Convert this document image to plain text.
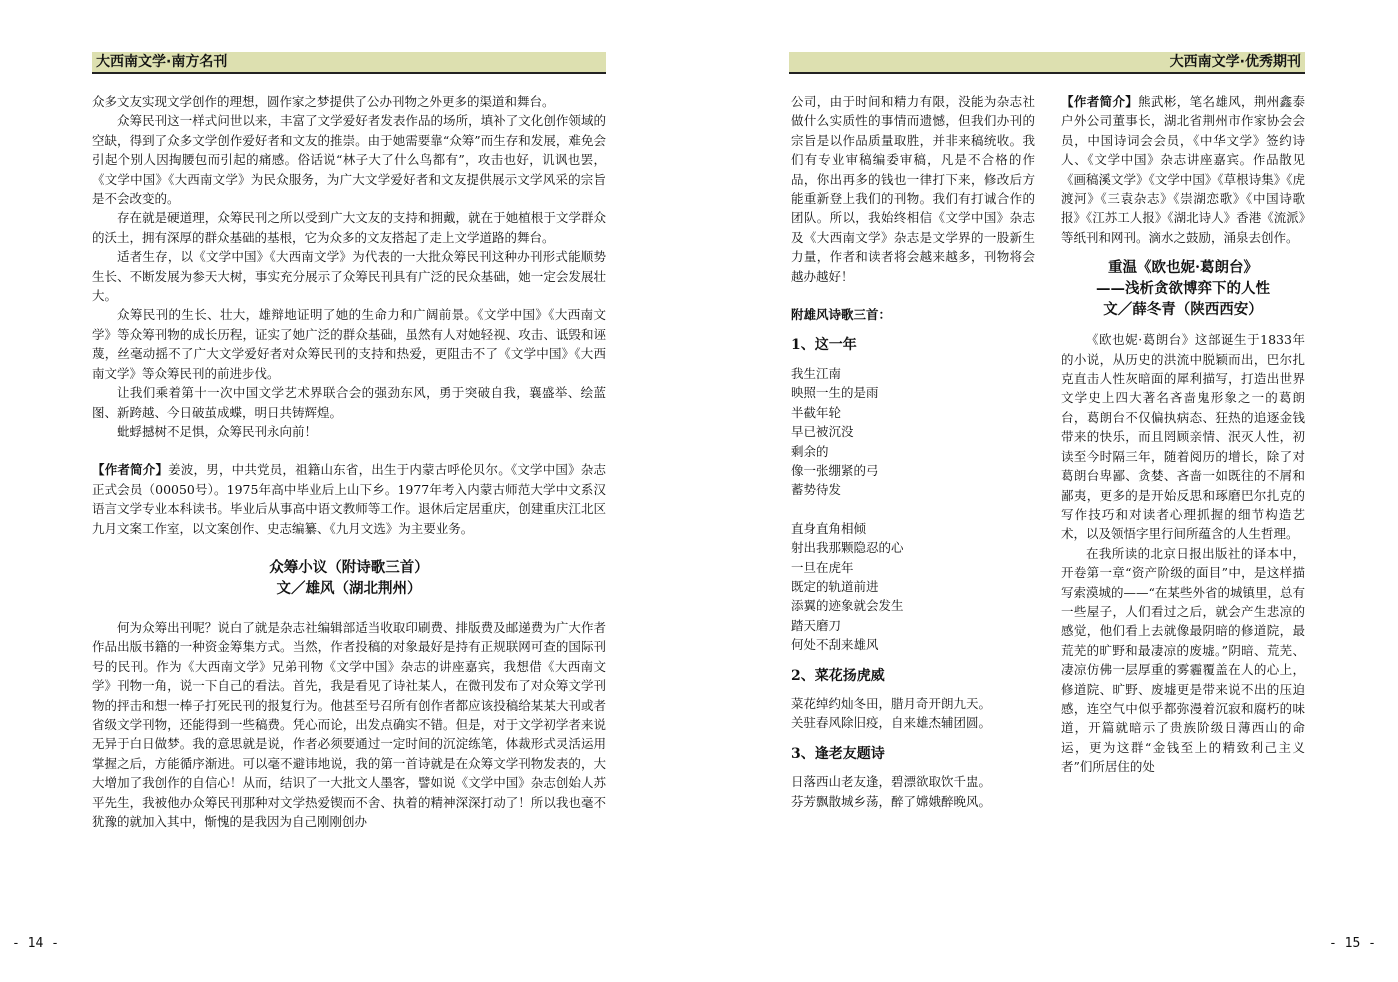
大西南文学·南方名刊

众多文友实现文学创作的理想，圆作家之梦提供了公办刊物之外更多的渠道和舞台。

众筹民刊这一样式问世以来，丰富了文学爱好者发表作品的场所，填补了文化创作领域的空缺，得到了众多文学创作爱好者和文友的推崇。由于她需要靠“众筹”而生存和发展，难免会引起个别人因掏腰包而引起的痛感。俗话说“林子大了什么鸟都有”，攻击也好，讥讽也罢，《文学中国》《大西南文学》为民众服务，为广大文学爱好者和文友提供展示文学风采的宗旨是不会改变的。

存在就是硬道理，众筹民刊之所以受到广大文友的支持和拥戴，就在于她植根于文学群众的沃土，拥有深厚的群众基础的基根，它为众多的文友搭起了走上文学道路的舞台。

适者生存，以《文学中国》《大西南文学》为代表的一大批众筹民刊这种办刊形式能顺势生长、不断发展为参天大树，事实充分展示了众筹民刊具有广泛的民众基础，她一定会发展壮大。

众筹民刊的生长、壮大，雄辩地证明了她的生命力和广阔前景。《文学中国》《大西南文学》等众筹刊物的成长历程，证实了她广泛的群众基础，虽然有人对她轻视、攻击、诋毁和诬蔑，丝毫动摇不了广大文学爱好者对众筹民刊的支持和热爱，更阻击不了《文学中国》《大西南文学》等众筹民刊的前进步伐。

让我们乘着第十一次中国文学艺术界联合会的强劲东风，勇于突破自我，襄盛举、绘蓝图、新跨越、今日破茧成蝶，明日共铸辉煌。

蚍蜉撼树不足惧，众筹民刊永向前！

【作者简介】姜波，男，中共党员，祖籍山东省，出生于内蒙古呼伦贝尔。《文学中国》杂志正式会员（00050号）。1975年高中毕业后上山下乡。1977年考入内蒙古师范大学中文系汉语言文学专业本科读书。毕业后从事高中语文教师等工作。退休后定居重庆，创建重庆江北区九月文案工作室，以文案创作、史志编纂、《九月文选》为主要业务。

众筹小议（附诗歌三首）
文／雄风（湖北荆州）

何为众筹出刊呢？说白了就是杂志社编辑部适当收取印刷费、排版费及邮递费为广大作者作品出版书籍的一种资金筹集方式。当然，作者投稿的对象最好是持有正规联网可查的国际刊号的民刊。作为《大西南文学》兄弟刊物《文学中国》杂志的讲座嘉宾，我想借《大西南文学》刊物一角，说一下自己的看法。首先，我是看见了诗社某人，在微刊发布了对众筹文学刊物的抨击和想一棒子打死民刊的报复行为。他甚至号召所有创作者都应该投稿给某某大刊或者省级文学刊物，还能得到一些稿费。凭心而论，出发点确实不错。但是，对于文学初学者来说无异于白日做梦。我的意思就是说，作者必须要通过一定时间的沉淀练笔，体裁形式灵活运用掌握之后，方能循序渐进。可以毫不避讳地说，我的第一首诗就是在众筹文学刊物发表的，大大增加了我创作的自信心！从而，结识了一大批文人墨客，譬如说《文学中国》杂志创始人苏平先生，我被他办众筹民刊那种对文学热爱锲而不舍、执着的精神深深打动了！所以我也毫不犹豫的就加入其中，惭愧的是我因为自己刚刚创办

- 14 -
大西南文学·优秀期刊

公司，由于时间和精力有限，没能为杂志社做什么实质性的事情而遗憾，但我们办刊的宗旨是以作品质量取胜，并非来稿统收。我们有专业审稿编委审稿，凡是不合格的作品，你出再多的钱也一律打下来，修改后方能重新登上我们的刊物。我们有打诚合作的团队。所以，我始终相信《文学中国》杂志及《大西南文学》杂志是文学界的一股新生力量，作者和读者将会越来越多，刊物将会越办越好！

附雄风诗歌三首：

1、这一年

我生江南

映照一生的是雨

半截年轮

早已被沉没

剩余的

像一张绷紧的弓

蓄势待发

直身直角相倾

射出我那颗隐忍的心

一旦在虎年

既定的轨道前进

添翼的迹象就会发生

踏天磨刀

何处不刮来雄风

2、菜花扬虎威

菜花绰约灿冬田，腊月奇开朗九天。

关驻春风除旧疫，自来雄杰辅团圆。

3、逢老友题诗

日落西山老友逢，碧漂欲取饮千盅。

芬芳飘散城乡荡，醉了嫦娥醉晚风。

【作者简介】熊武彬，笔名雄风，荆州鑫泰户外公司董事长，湖北省荆州市作家协会会员，中国诗词会会员，《中华文学》签约诗人、《文学中国》杂志讲座嘉宾。作品散见《画稿溪文学》《文学中国》《草根诗集》《虎渡河》《三袁杂志》《崇湖恋歌》《中国诗歌报》《江苏工人报》《湖北诗人》香港《流派》等纸刊和网刊。滴水之鼓励，涌泉去创作。

重温《欧也妮·葛朗台》
——浅析贪欲博弈下的人性
文／薛冬青（陕西西安）

《欧也妮·葛朗台》这部诞生于1833年的小说，从历史的洪流中脱颖而出，巴尔扎克直击人性灰暗面的犀利描写，打造出世界文学史上四大著名吝啬鬼形象之一的葛朗台，葛朗台不仅偏执病态、狂热的追逐金钱带来的快乐，而且罔顾亲情、泯灭人性，初读至今时隔三年，随着阅历的增长，除了对葛朗台卑鄙、贪婪、吝啬一如既往的不屑和鄙夷，更多的是开始反思和琢磨巴尔扎克的写作技巧和对读者心理抓握的细节构造艺术，以及领悟字里行间所蕴含的人生哲理。

在我所读的北京日报出版社的译本中，开卷第一章“资产阶级的面目”中，是这样描写索漠城的——“在某些外省的城镇里，总有一些屋子，人们看过之后，就会产生悲凉的感觉，他们看上去就像最阴暗的修道院，最荒芜的旷野和最凄凉的废墟。”阴暗、荒芜、凄凉仿佛一层厚重的雾霾覆盖在人的心上，修道院、旷野、废墟更是带来说不出的压迫感，连空气中似乎都弥漫着沉寂和腐朽的味道，开篇就暗示了贵族阶级日薄西山的命运，更为这群“金钱至上的精致利己主义者”们所居住的处

- 15 -
